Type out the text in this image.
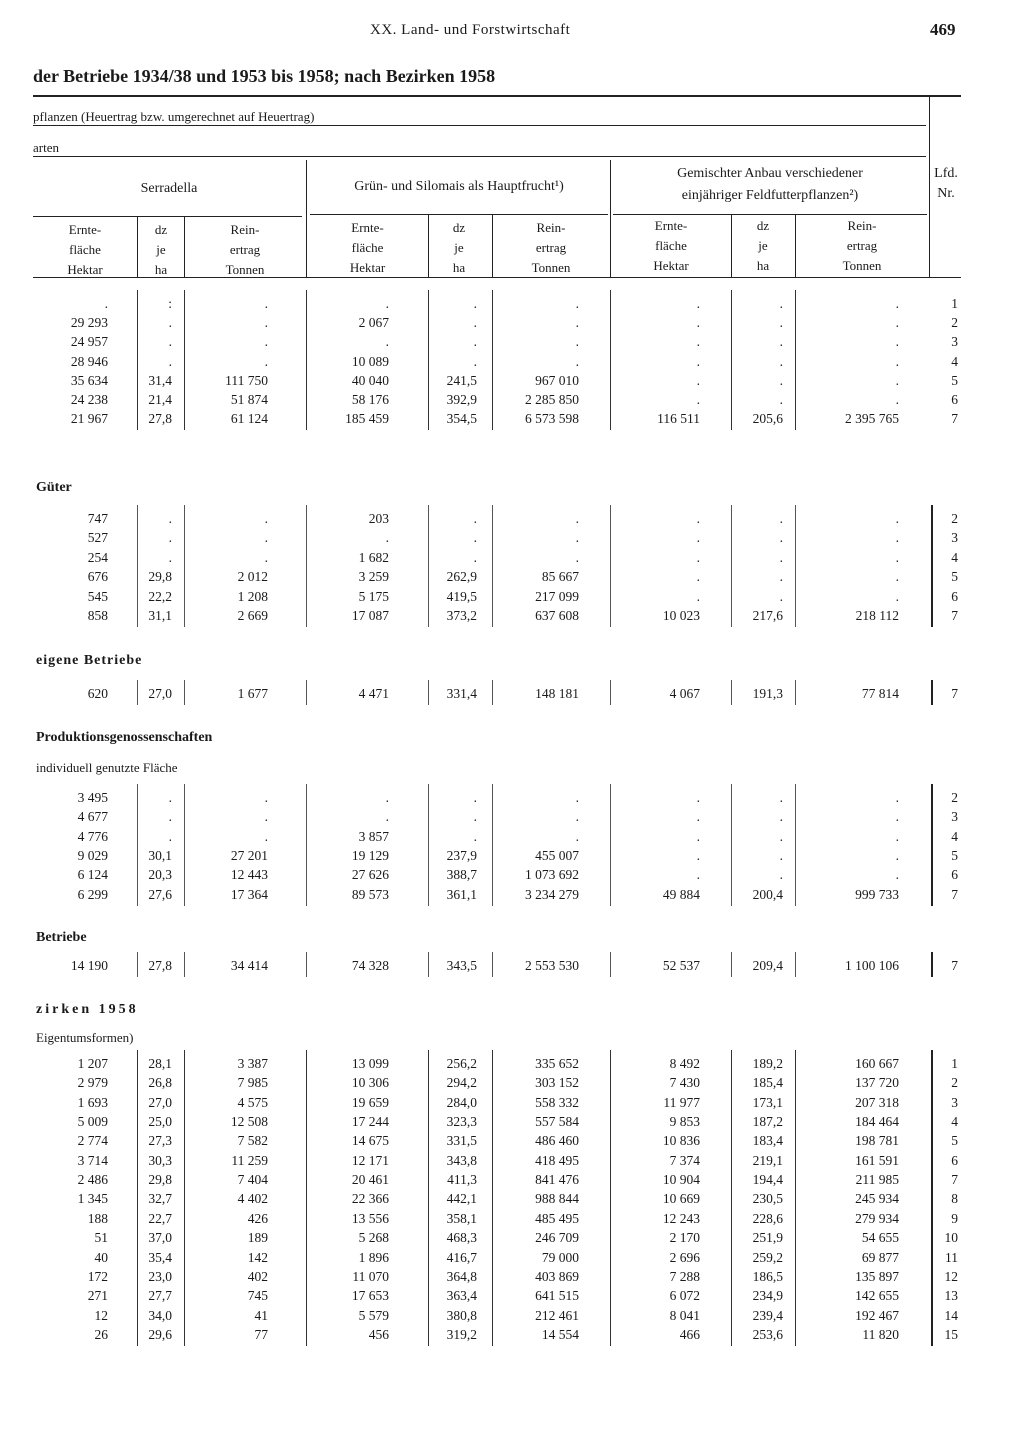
XX. Land- und Forstwirtschaft	469
der Betriebe 1934/38 und 1953 bis 1958; nach Bezirken 1958
pflanzen (Heuertrag bzw. umgerechnet auf Heuertrag)
arten
Serradella	Grün- und Silomais als Hauptfrucht¹)
Gemischter Anbau verschiedener
einjähriger Feldfutterpflanzen²)
Lfd.
Nr.
Ernte-
fläche
Hektar
dz
je
ha
Rein-
ertrag
Tonnen
Ernte-
fläche
Hektar
dz
je
ha
Rein-
ertrag
Tonnen
Ernte-
fläche
Hektar
dz
je
ha
Rein-
ertrag
Tonnen
Güter
eigene Betriebe
Produktionsgenossenschaften
individuell genutzte Fläche
Betriebe
zirken 1958
Eigentumsformen)
.	:	.	.	.	.	.	.	.	1
29 293	.	.	2 067	.	.	.	.	.	2
24 957	.	.	.	.	.	.	.	.	3
28 946	.	.	10 089	.	.	.	.	.	4
35 634	31,4	111 750	40 040	241,5	967 010	.	.	.	5
24 238	21,4	51 874	58 176	392,9	2 285 850	.	.	.	6
21 967	27,8	61 124	185 459	354,5	6 573 598	116 511	205,6	2 395 765	7
747	.	.	203	.	.	.	.	.	2
527	.	.	.	.	.	.	.	.	3
254	.	.	1 682	.	.	.	.	.	4
676	29,8	2 012	3 259	262,9	85 667	.	.	.	5
545	22,2	1 208	5 175	419,5	217 099	.	.	.	6
858	31,1	2 669	17 087	373,2	637 608	10 023	217,6	218 112	7
620	27,0	1 677	4 471	331,4	148 181	4 067	191,3	77 814	7
3 495	.	.	.	.	.	.	.	.	2
4 677	.	.	.	.	.	.	.	.	3
4 776	.	.	3 857	.	.	.	.	.	4
9 029	30,1	27 201	19 129	237,9	455 007	.	.	.	5
6 124	20,3	12 443	27 626	388,7	1 073 692	.	.	.	6
6 299	27,6	17 364	89 573	361,1	3 234 279	49 884	200,4	999 733	7
14 190	27,8	34 414	74 328	343,5	2 553 530	52 537	209,4	1 100 106	7
1 207	28,1	3 387	13 099	256,2	335 652	8 492	189,2	160 667	1
2 979	26,8	7 985	10 306	294,2	303 152	7 430	185,4	137 720	2
1 693	27,0	4 575	19 659	284,0	558 332	11 977	173,1	207 318	3
5 009	25,0	12 508	17 244	323,3	557 584	9 853	187,2	184 464	4
2 774	27,3	7 582	14 675	331,5	486 460	10 836	183,4	198 781	5
3 714	30,3	11 259	12 171	343,8	418 495	7 374	219,1	161 591	6
2 486	29,8	7 404	20 461	411,3	841 476	10 904	194,4	211 985	7
1 345	32,7	4 402	22 366	442,1	988 844	10 669	230,5	245 934	8
188	22,7	426	13 556	358,1	485 495	12 243	228,6	279 934	9
51	37,0	189	5 268	468,3	246 709	2 170	251,9	54 655	10
40	35,4	142	1 896	416,7	79 000	2 696	259,2	69 877	11
172	23,0	402	11 070	364,8	403 869	7 288	186,5	135 897	12
271	27,7	745	17 653	363,4	641 515	6 072	234,9	142 655	13
12	34,0	41	5 579	380,8	212 461	8 041	239,4	192 467	14
26	29,6	77	456	319,2	14 554	466	253,6	11 820	15
